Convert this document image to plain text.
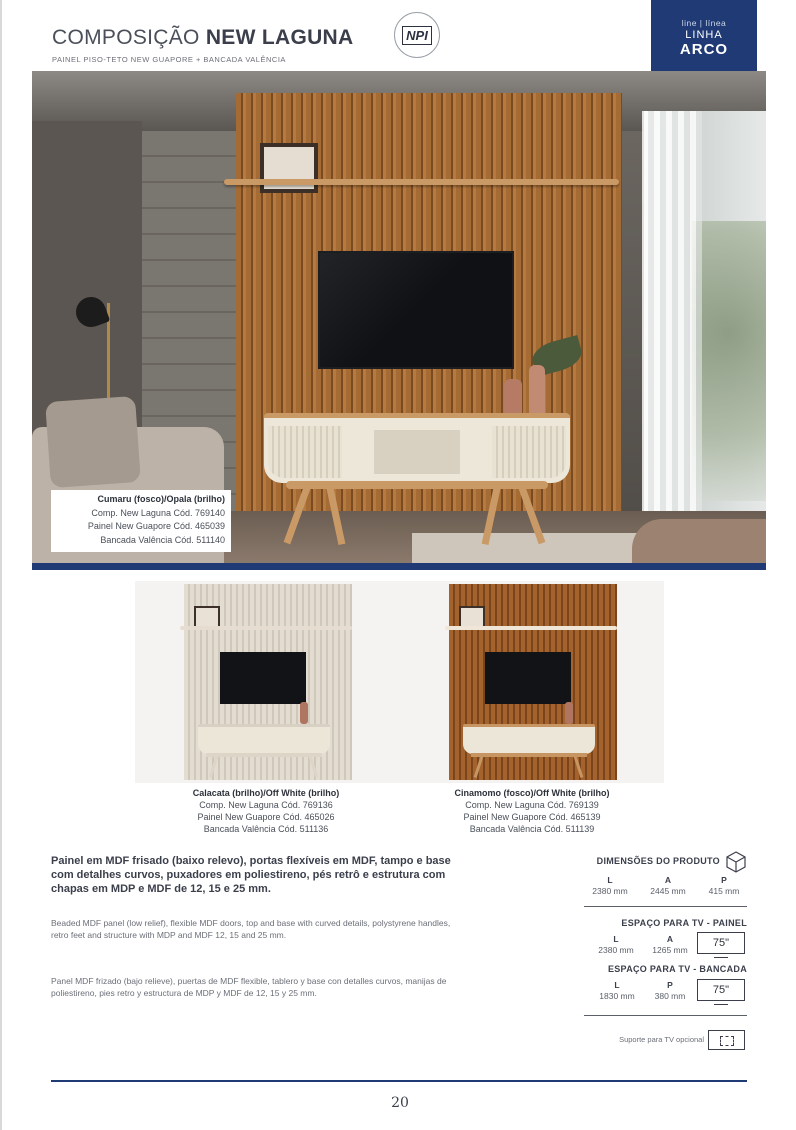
COMPOSIÇÃO NEW LAGUNA
PAINEL PISO-TETO NEW GUAPORE + BANCADA VALÊNCIA
NPI
line | línea
LINHA
ARCO
Cumaru (fosco)/Opala (brilho)
Comp. New Laguna Cód. 769140
Painel New Guapore Cód. 465039
Bancada Valência Cód. 511140
Calacata (brilho)/Off White (brilho)
Comp. New Laguna Cód. 769136
Painel New Guapore Cód. 465026
Bancada Valência Cód. 511136
Cinamomo (fosco)/Off White (brilho)
Comp. New Laguna Cód. 769139
Painel New Guapore Cód. 465139
Bancada Valência Cód. 511139
Painel em MDF frisado (baixo relevo), portas flexíveis em MDF, tampo e base com detalhes curvos, puxadores em poliestireno, pés retrô e estrutura com chapas em MDP e MDF de 12, 15 e 25 mm.
Beaded MDF panel (low relief), flexible MDF doors, top and base with curved details, polystyrene handles, retro feet and structure with MDP and MDF 12, 15 and 25 mm.
Panel MDF frizado (bajo relieve), puertas de MDF flexible, tablero y base con detalles curvos, manijas de poliestireno, pies retro y estructura de MDP y MDF de 12, 15 y 25 mm.
DIMENSÕES DO PRODUTO
L
2380 mm
A
2445 mm
P
415 mm
ESPAÇO PARA TV - PAINEL
L
2380 mm
A
1265 mm
75"
ESPAÇO PARA TV - BANCADA
L
1830 mm
P
380 mm	75"
Suporte para TV opcional
20
